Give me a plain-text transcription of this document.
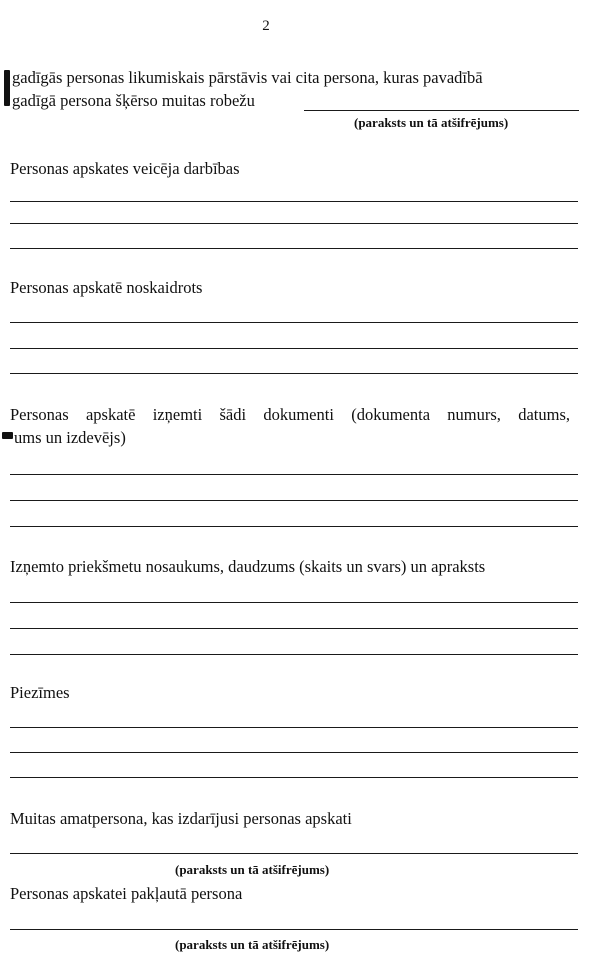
2
gadīgās personas likumiskais pārstāvis vai cita persona, kuras pavadībā
gadīgā persona šķērso muitas robežu
(paraksts un tā atšifrējums)
Personas apskates veicēja darbības
Personas apskatē noskaidrots
Personas apskatē izņemti šādi dokumenti (dokumenta numurs, datums,
ums un izdevējs)
Izņemto priekšmetu nosaukums, daudzums (skaits un svars) un apraksts
Piezīmes
Muitas amatpersona, kas izdarījusi personas apskati
(paraksts un tā atšifrējums)
Personas apskatei pakļautā persona
(paraksts un tā atšifrējums)
